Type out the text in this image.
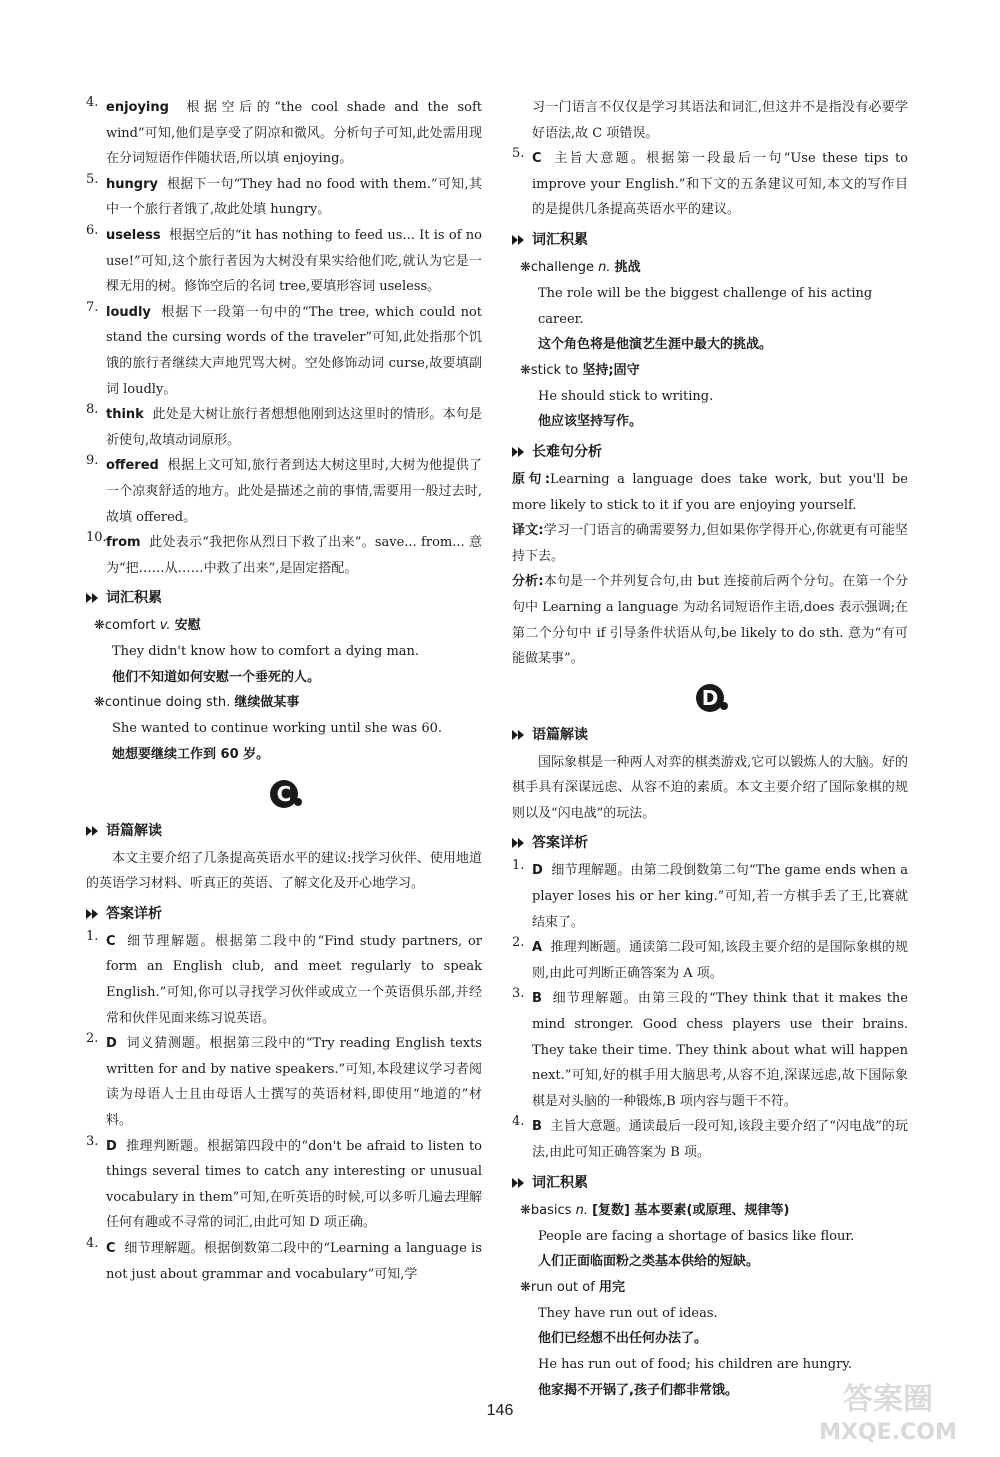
4. enjoying 根据空后的“the cool shade and the soft wind”可知,他们是享受了阴凉和微风。分析句子可知,此处需用现在分词短语作伴随状语,所以填 enjoying。
5. hungry 根据下一句“They had no food with them.”可知,其中一个旅行者饿了,故此处填 hungry。
6. useless 根据空后的“it has nothing to feed us... It is of no use!”可知,这个旅行者因为大树没有果实给他们吃,就认为它是一棵无用的树。修饰空后的名词 tree,要填形容词 useless。
7. loudly 根据下一段第一句中的“The tree, which could not stand the cursing words of the traveler”可知,此处指那个饥饿的旅行者继续大声地咒骂大树。空处修饰动词 curse,故要填副词 loudly。
8. think 此处是大树让旅行者想想他刚到达这里时的情形。本句是祈使句,故填动词原形。
9. offered 根据上文可知,旅行者到达大树这里时,大树为他提供了一个凉爽舒适的地方。此处是描述之前的事情,需要用一般过去时,故填 offered。
10. from 此处表示“我把你从烈日下救了出来”。save... from... 意为“把……从……中救了出来”,是固定搭配。
词汇积累
❋comfort v. 安慰
They didn't know how to comfort a dying man.
他们不知道如何安慰一个垂死的人。
❋continue doing sth. 继续做某事
She wanted to continue working until she was 60.
她想要继续工作到 60 岁。
C
语篇解读

本文主要介绍了几条提高英语水平的建议:找学习伙伴、使用地道的英语学习材料、听真正的英语、了解文化及开心地学习。

答案详析
1. C 细节理解题。根据第二段中的“Find study partners, or form an English club, and meet regularly to speak English.”可知,你可以寻找学习伙伴或成立一个英语俱乐部,并经常和伙伴见面来练习说英语。
2. D 词义猜测题。根据第三段中的“Try reading English texts written for and by native speakers.”可知,本段建议学习者阅读为母语人士且由母语人士撰写的英语材料,即使用“地道的”材料。
3. D 推理判断题。根据第四段中的“don't be afraid to listen to things several times to catch any interesting or unusual vocabulary in them”可知,在听英语的时候,可以多听几遍去理解任何有趣或不寻常的词汇,由此可知 D 项正确。
4. C 细节理解题。根据倒数第二段中的“Learning a language is not just about grammar and vocabulary”可知,学
习一门语言不仅仅是学习其语法和词汇,但这并不是指没有必要学好语法,故 C 项错误。
5. C 主旨大意题。根据第一段最后一句“Use these tips to improve your English.”和下文的五条建议可知,本文的写作目的是提供几条提高英语水平的建议。
词汇积累
❋challenge n. 挑战
The role will be the biggest challenge of his acting career.
这个角色将是他演艺生涯中最大的挑战。
❋stick to 坚持;固守
He should stick to writing.
他应该坚持写作。
长难句分析

原句:Learning a language does take work, but you'll be more likely to stick to it if you are enjoying yourself.

译文:学习一门语言的确需要努力,但如果你学得开心,你就更有可能坚持下去。

分析:本句是一个并列复合句,由 but 连接前后两个分句。在第一个分句中 Learning a language 为动名词短语作主语,does 表示强调;在第二个分句中 if 引导条件状语从句,be likely to do sth. 意为“有可能做某事”。

D
语篇解读

国际象棋是一种两人对弈的棋类游戏,它可以锻炼人的大脑。好的棋手具有深谋远虑、从容不迫的素质。本文主要介绍了国际象棋的规则以及“闪电战”的玩法。

答案详析
1. D 细节理解题。由第二段倒数第二句“The game ends when a player loses his or her king.”可知,若一方棋手丢了王,比赛就结束了。
2. A 推理判断题。通读第二段可知,该段主要介绍的是国际象棋的规则,由此可判断正确答案为 A 项。
3. B 细节理解题。由第三段的“They think that it makes the mind stronger. Good chess players use their brains. They take their time. They think about what will happen next.”可知,好的棋手用大脑思考,从容不迫,深谋远虑,故下国际象棋是对头脑的一种锻炼,B 项内容与题干不符。
4. B 主旨大意题。通读最后一段可知,该段主要介绍了“闪电战”的玩法,由此可知正确答案为 B 项。
词汇积累
❋basics n. [复数] 基本要素(或原理、规律等)
People are facing a shortage of basics like flour.
人们正面临面粉之类基本供给的短缺。
❋run out of 用完
They have run out of ideas.
他们已经想不出任何办法了。
He has run out of food; his children are hungry.
他家揭不开锅了,孩子们都非常饿。
146	答案圈
MXQE.COM
